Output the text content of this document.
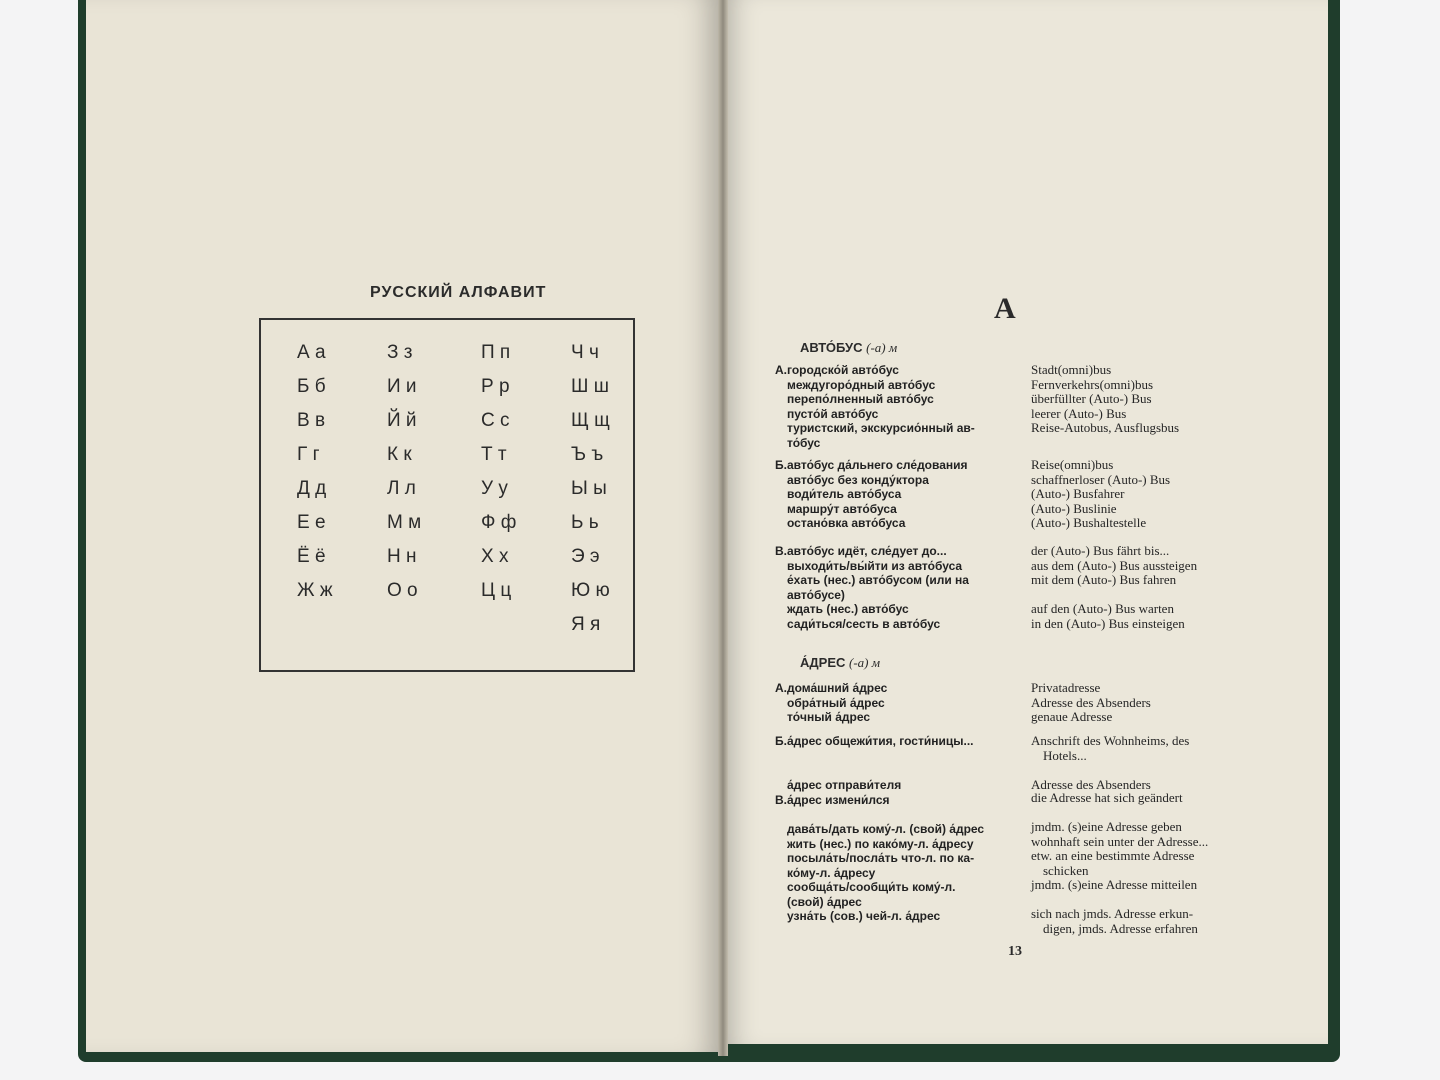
РУССКИЙ АЛФАВИТ
А а
Б б
В в
Г г
Д д
Е е
Ё ё
Ж ж
З з
И и
Й й
К к
Л л
М м
Н н
О о
П п
Р р
С с
Т т
У у
Ф ф
Х х
Ц ц
Ч ч
Ш ш
Щ щ
Ъ ъ
Ы ы
Ь ь
Э э
Ю ю
Я я
А
АВТО́БУС (-а) м
А.городско́й авто́бус
междугоро́дный авто́бус
перепо́лненный авто́бус
пусто́й авто́бус
туристский, экскурсио́нный ав-
то́бус
Stadt(omni)bus
Fernverkehrs(omni)bus
überfüllter (Auto-) Bus
leerer (Auto-) Bus
Reise-Autobus, Ausflugsbus
Б.авто́бус да́льнего сле́дования
авто́бус без конду́ктора
води́тель авто́буса
маршру́т авто́буса
остано́вка авто́буса
Reise(omni)bus
schaffnerloser (Auto-) Bus
(Auto-) Busfahrer
(Auto-) Buslinie
(Auto-) Bushaltestelle
В.авто́бус идёт, сле́дует до...
выходи́ть/вы́йти из авто́буса
е́хать (нес.) авто́бусом (или на
авто́бусе)
ждать (нес.) авто́бус
сади́ться/сесть в авто́бус
der (Auto-) Bus fährt bis...
aus dem (Auto-) Bus aussteigen
mit dem (Auto-) Bus fahren

auf den (Auto-) Bus warten
in den (Auto-) Bus einsteigen
А́ДРЕС (-а) м
А.дома́шний а́дрес
обра́тный а́дрес
то́чный а́дрес
Privatadresse
Adresse des Absenders
genaue Adresse
Б.а́дрес общежи́тия, гости́ницы...

а́дрес отправи́теля
Anschrift des Wohnheims, des
Hotels...

Adresse des Absenders
В.а́дрес измени́лся

дава́ть/дать кому́-л. (свой) а́дрес
жить (нес.) по како́му-л. а́дресу
посыла́ть/посла́ть что-л. по ка-
ко́му-л. а́дресу
сообща́ть/сообщи́ть кому́-л.
(свой) а́дрес
узна́ть (сов.) чей-л. а́дрес
die Adresse hat sich geändert

jmdm. (s)eine Adresse geben
wohnhaft sein unter der Adresse...
etw. an eine bestimmte Adresse
schicken
jmdm. (s)eine Adresse mitteilen

sich nach jmds. Adresse erkun-
digen, jmds. Adresse erfahren
13
